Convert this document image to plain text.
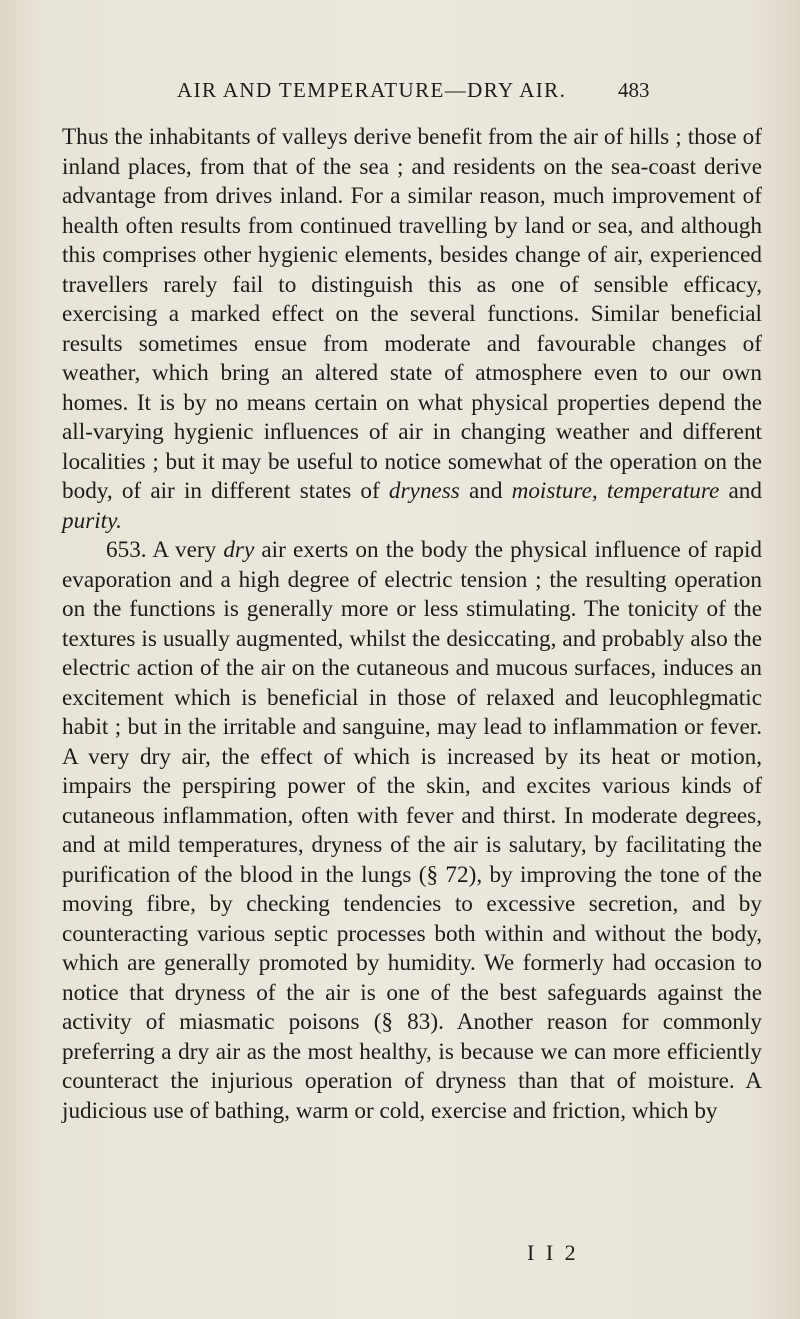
AIR AND TEMPERATURE—DRY AIR. 483

Thus the inhabitants of valleys derive benefit from the air of hills ; those of inland places, from that of the sea ; and residents on the sea-coast derive advantage from drives inland. For a similar reason, much improvement of health often results from continued travelling by land or sea, and although this comprises other hygienic elements, besides change of air, experienced travellers rarely fail to distinguish this as one of sensible efficacy, exercising a marked effect on the several functions. Similar beneficial results sometimes ensue from moderate and favourable changes of weather, which bring an altered state of atmosphere even to our own homes. It is by no means certain on what physical properties depend the all-varying hygienic influences of air in changing weather and different localities ; but it may be useful to notice somewhat of the operation on the body, of air in different states of dryness and moisture, temperature and purity.

653. A very dry air exerts on the body the physical influence of rapid evaporation and a high degree of electric tension ; the resulting operation on the functions is generally more or less stimulating. The tonicity of the textures is usually augmented, whilst the desiccating, and probably also the electric action of the air on the cutaneous and mucous surfaces, induces an excitement which is beneficial in those of relaxed and leucophlegmatic habit ; but in the irritable and sanguine, may lead to inflammation or fever. A very dry air, the effect of which is increased by its heat or motion, impairs the perspiring power of the skin, and excites various kinds of cutaneous inflammation, often with fever and thirst. In moderate degrees, and at mild temperatures, dryness of the air is salutary, by facilitating the purification of the blood in the lungs (§ 72), by improving the tone of the moving fibre, by checking tendencies to excessive secretion, and by counteracting various septic processes both within and without the body, which are generally promoted by humidity. We formerly had occasion to notice that dryness of the air is one of the best safeguards against the activity of miasmatic poisons (§ 83). Another reason for commonly preferring a dry air as the most healthy, is because we can more efficiently counteract the injurious operation of dryness than that of moisture. A judicious use of bathing, warm or cold, exercise and friction, which by

I I 2
